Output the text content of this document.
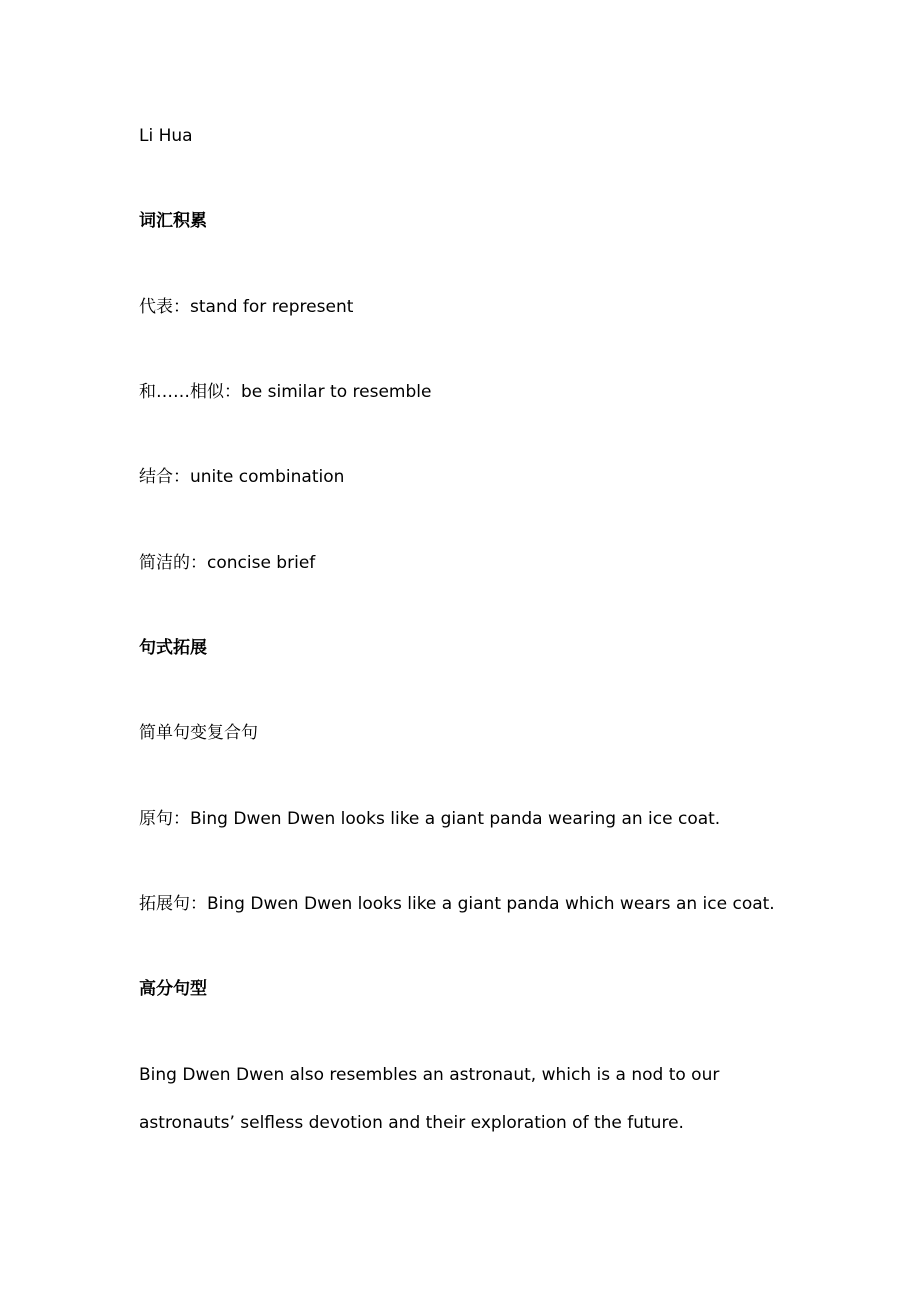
Li Hua
词汇积累
代表：stand for represent
和……相似：be similar to resemble
结合：unite combination
简洁的：concise brief
句式拓展
简单句变复合句
原句：Bing Dwen Dwen looks like a giant panda wearing an ice coat.
拓展句：Bing Dwen Dwen looks like a giant panda which wears an ice coat.
高分句型
Bing Dwen Dwen also resembles an astronaut, which is a nod to our
astronauts’ selfless devotion and their exploration of the future.
